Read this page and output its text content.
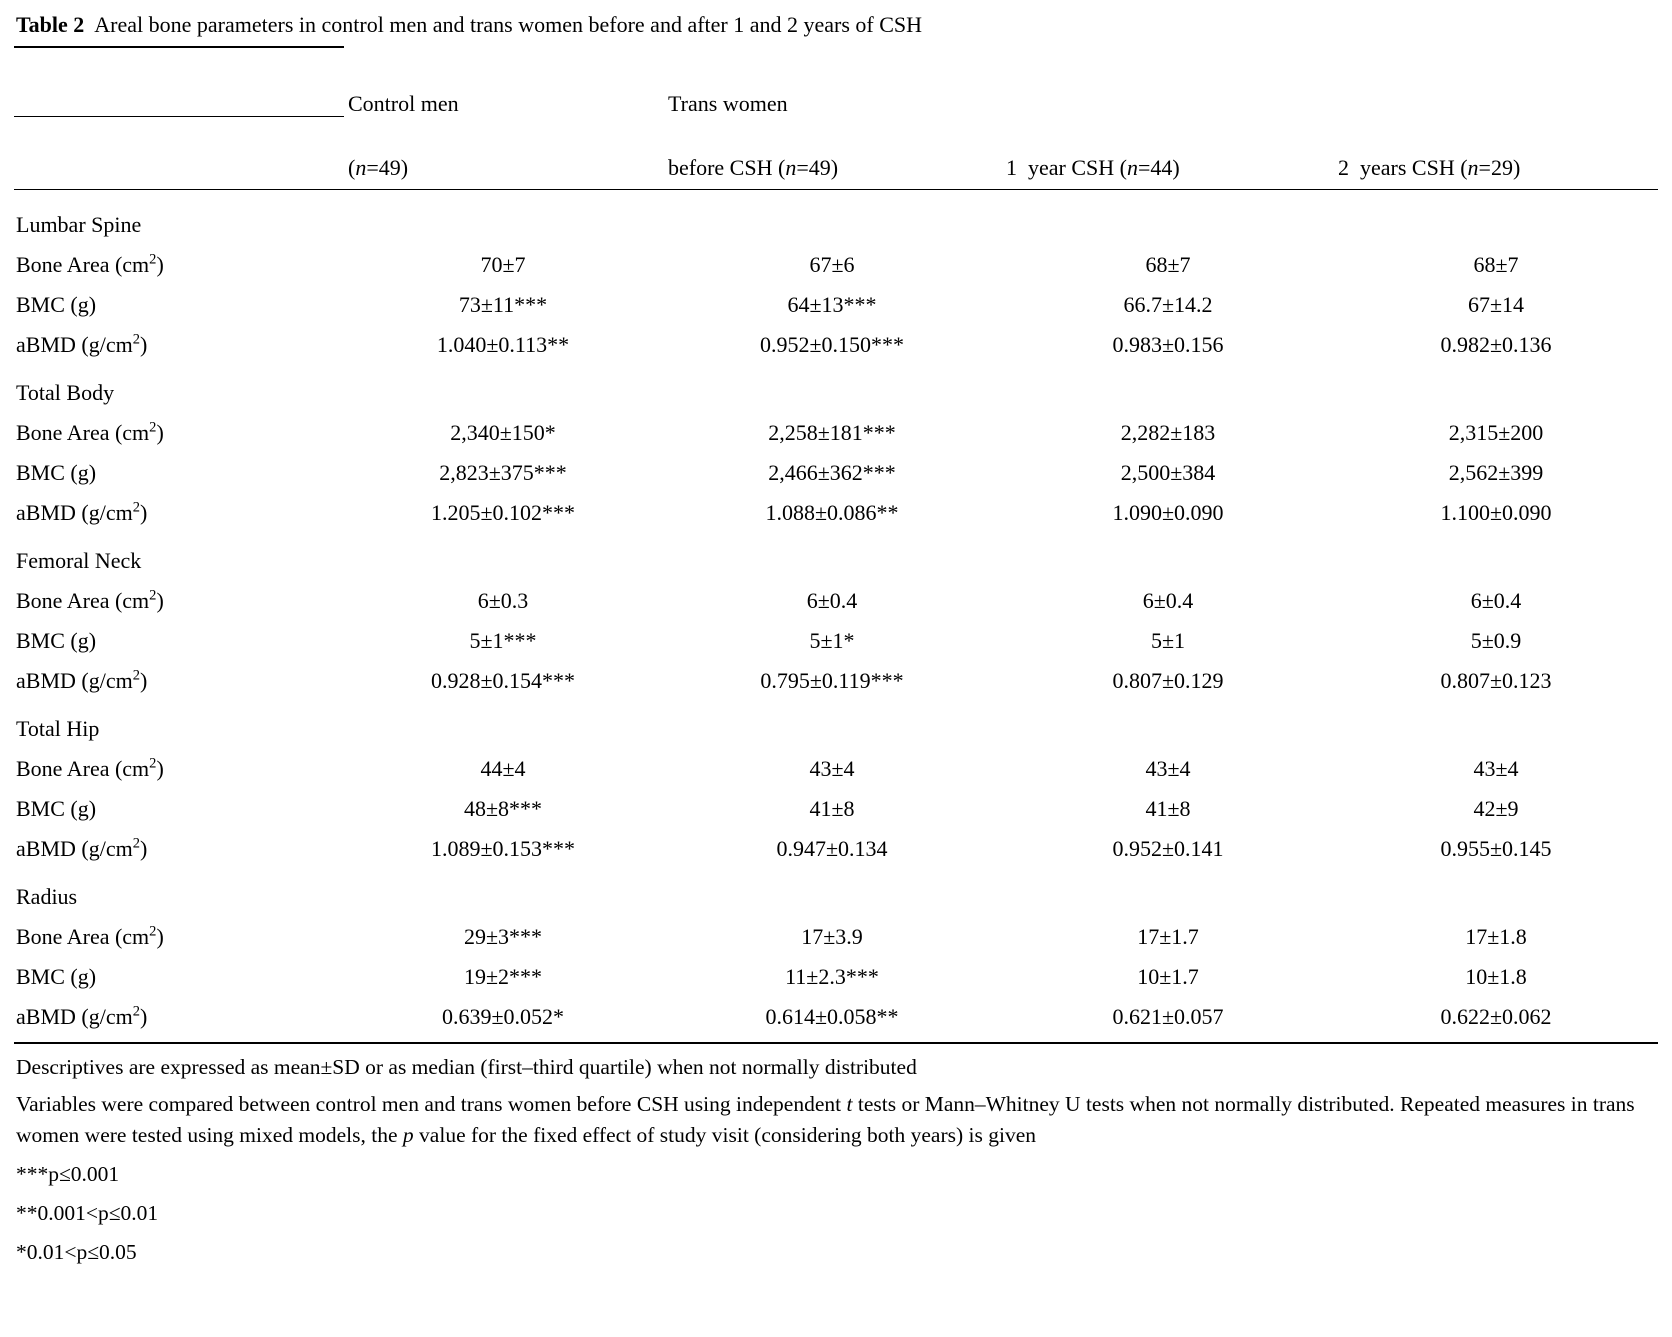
Table 2 Areal bone parameters in control men and trans women before and after 1 and 2 years of CSH
	Control men	Trans women		
	(n=49)	before CSH (n=49)	1  year CSH (n=44)	2  years CSH (n=29)
Lumbar Spine				
Bone Area $(cm^2)$	70±7	67±6	68±7	68±7
BMC (g)	73±11***	64±13***	66.7±14.2	67±14
aBMD $(g/cm^2)$	1.040±0.113**	0.952±0.150***	0.983±0.156	0.982±0.136
Total Body				
Bone Area $(cm^2)$	2,340±150*	2,258±181***	2,282±183	2,315±200
BMC (g)	2,823±375***	2,466±362***	2,500±384	2,562±399
aBMD $(g/cm^2)$	1.205±0.102***	1.088±0.086**	1.090±0.090	1.100±0.090
Femoral Neck				
Bone Area $(cm^2)$	6±0.3	6±0.4	6±0.4	6±0.4
BMC (g)	5±1***	5±1*	5±1	5±0.9
aBMD $(g/cm^2)$	0.928±0.154***	0.795±0.119***	0.807±0.129	0.807±0.123
Total Hip				
Bone Area $(cm^2)$	44±4	43±4	43±4	43±4
BMC (g)	48±8***	41±8	41±8	42±9
aBMD $(g/cm^2)$	1.089±0.153***	0.947±0.134	0.952±0.141	0.955±0.145
Radius				
Bone Area $(cm^2)$	29±3***	17±3.9	17±1.7	17±1.8
BMC (g)	19±2***	11±2.3***	10±1.7	10±1.8
aBMD $(g/cm^2)$	0.639±0.052*	0.614±0.058**	0.621±0.057	0.622±0.062

Descriptives are expressed as mean±SD or as median (first–third quartile) when not normally distributed

Variables were compared between control men and trans women before CSH using independent t tests or Mann–Whitney U tests when not normally distributed. Repeated measures in trans women were tested using mixed models, the p value for the fixed effect of study visit (considering both years) is given

***p≤0.001

**0.001<p≤0.01

*0.01<p≤0.05
